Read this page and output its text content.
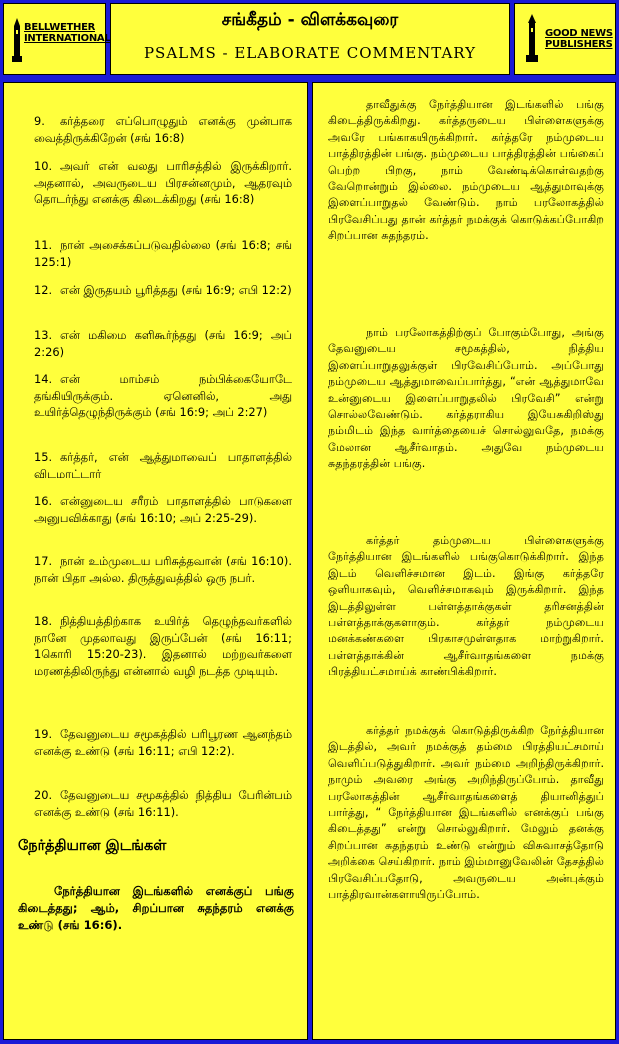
BELLWETHER
INTERNATIONAL
சங்கீதம் - விளக்கவுரை
PSALMS - ELABORATE COMMENTARY
GOOD NEWS
PUBLISHERS
9. கர்த்தரை எப்பொழுதும் எனக்கு முன்பாக வைத்திருக்கிறேன் (சங் 16:8)
10. அவர் என் வலது பாரிசத்தில் இருக்கிறார். அதனால், அவருடைய பிரசன்னமும், ஆதரவும் தொடர்ந்து எனக்கு கிடைக்கிறது (சங் 16:8)
11. நான் அசைக்கப்படுவதில்லை (சங் 16:8; சங் 125:1)
12. என் இருதயம் பூரித்தது (சங் 16:9; எபி 12:2)
13. என் மகிமை களிகூர்ந்தது (சங் 16:9; அப் 2:26)
14. என் மாம்சம் நம்பிக்கையோடே தங்கியிருக்கும். ஏனெனில், அது உயிர்த்தெழுந்திருக்கும் (சங் 16:9; அப் 2:27)
15. கர்த்தர், என் ஆத்துமாவைப் பாதாளத்தில் விடமாட்டார்
16. என்னுடைய சரீரம் பாதாளத்தில் பாடுகளை அனுபவிக்காது (சங் 16:10; அப் 2:25-29).
17. நான் உம்முடைய பரிசுத்தவான் (சங் 16:10). நான் பிதா அல்ல. திருத்துவத்தில் ஒரு நபர்.
18. நித்தியத்திற்காக உயிர்த் தெழுந்தவர்களில் நானே முதலாவது இருப்பேன் (சங் 16:11; 1கொரி 15:20-23). இதனால் மற்றவர்களை மரணத்திலிருந்து என்னால் வழி நடத்த முடியும்.
19. தேவனுடைய சமூகத்தில் பரிபூரண ஆனந்தம் எனக்கு உண்டு (சங் 16:11; எபி 12:2).
20. தேவனுடைய சமூகத்தில் நித்திய பேரின்பம் எனக்கு உண்டு (சங் 16:11).
நேர்த்தியான இடங்கள்
நேர்த்தியான இடங்களில் எனக்குப் பங்கு கிடைத்தது; ஆம், சிறப்பான சுதந்தரம் எனக்கு உண்டு (சங் 16:6).
தாவீதுக்கு நேர்த்தியான இடங்களில் பங்கு கிடைத்திருக்கிறது. கர்த்தருடைய பிள்ளைகளுக்கு அவரே பங்காகயிருக்கிறார். கர்த்தரே நம்முடைய பாத்திரத்தின் பங்கு. நம்முடைய பாத்திரத்தின் பங்கைப் பெற்ற பிறகு, நாம் வேண்டிக்கொள்வதற்கு வேறொன்றும் இல்லை. நம்முடைய ஆத்துமாவுக்கு இளைப்பாறுதல் வேண்டும். நாம் பரலோகத்தில் பிரவேசிப்பது தான் கர்த்தர் நமக்குக் கொடுக்கப்போகிற சிறப்பான சுதந்தரம்.
நாம் பரலோகத்திற்குப் போகும்போது, அங்கு தேவனுடைய சமூகத்தில், நித்திய இளைப்பாறுதலுக்குள் பிரவேசிப்போம். அப்போது நம்முடைய ஆத்துமாவைப்பார்த்து, “என் ஆத்துமாவே உன்னுடைய இளைப்பாறுதலில் பிரவேசி” என்று சொல்லவேண்டும். கர்த்தராகிய இயேசுகிறிஸ்து நம்மிடம் இந்த வார்த்தையைச் சொல்லுவதே, நமக்கு மேலான ஆசீர்வாதம். அதுவே நம்முடைய சுதந்தரத்தின் பங்கு.
கர்த்தர் தம்முடைய பிள்ளைகளுக்கு நேர்த்தியான இடங்களில் பங்குகொடுக்கிறார். இந்த இடம் வெளிச்சமான இடம். இங்கு கர்த்தரே ஒளியாகவும், வெளிச்சமாகவும் இருக்கிறார். இந்த இடத்திலுள்ள பள்ளத்தாக்குகள் தரிசனத்தின் பள்ளத்தாக்குகளாகும். கர்த்தர் நம்முடைய மனக்கண்களை பிரகாசமுள்ளதாக மாற்றுகிறார். பள்ளத்தாக்கின் ஆசீர்வாதங்களை நமக்கு பிரத்தியட்சமாய்க் காண்பிக்கிறார்.
கர்த்தர் நமக்குக் கொடுத்திருக்கிற நேர்த்தியான இடத்தில், அவர் நமக்குத் தம்மை பிரத்தியட்சமாய் வெளிப்படுத்துகிறார். அவர் நம்மை அறிந்திருக்கிறார். நாமும் அவரை அங்கு அறிந்திருப்போம். தாவீது பரலோகத்தின் ஆசீர்வாதங்களைத் தியானித்துப் பார்த்து, “ நேர்த்தியான இடங்களில் எனக்குப் பங்கு கிடைத்தது” என்று சொல்லுகிறார். மேலும் தனக்கு சிறப்பான சுதந்தரம் உண்டு என்றும் விசுவாசத்தோடு அறிக்கை செய்கிறார். நாம் இம்மானுவேலின் தேசத்தில் பிரவேசிப்பதோடு, அவருடைய அன்புக்கும் பாத்திரவான்களாயிருப்போம்.
